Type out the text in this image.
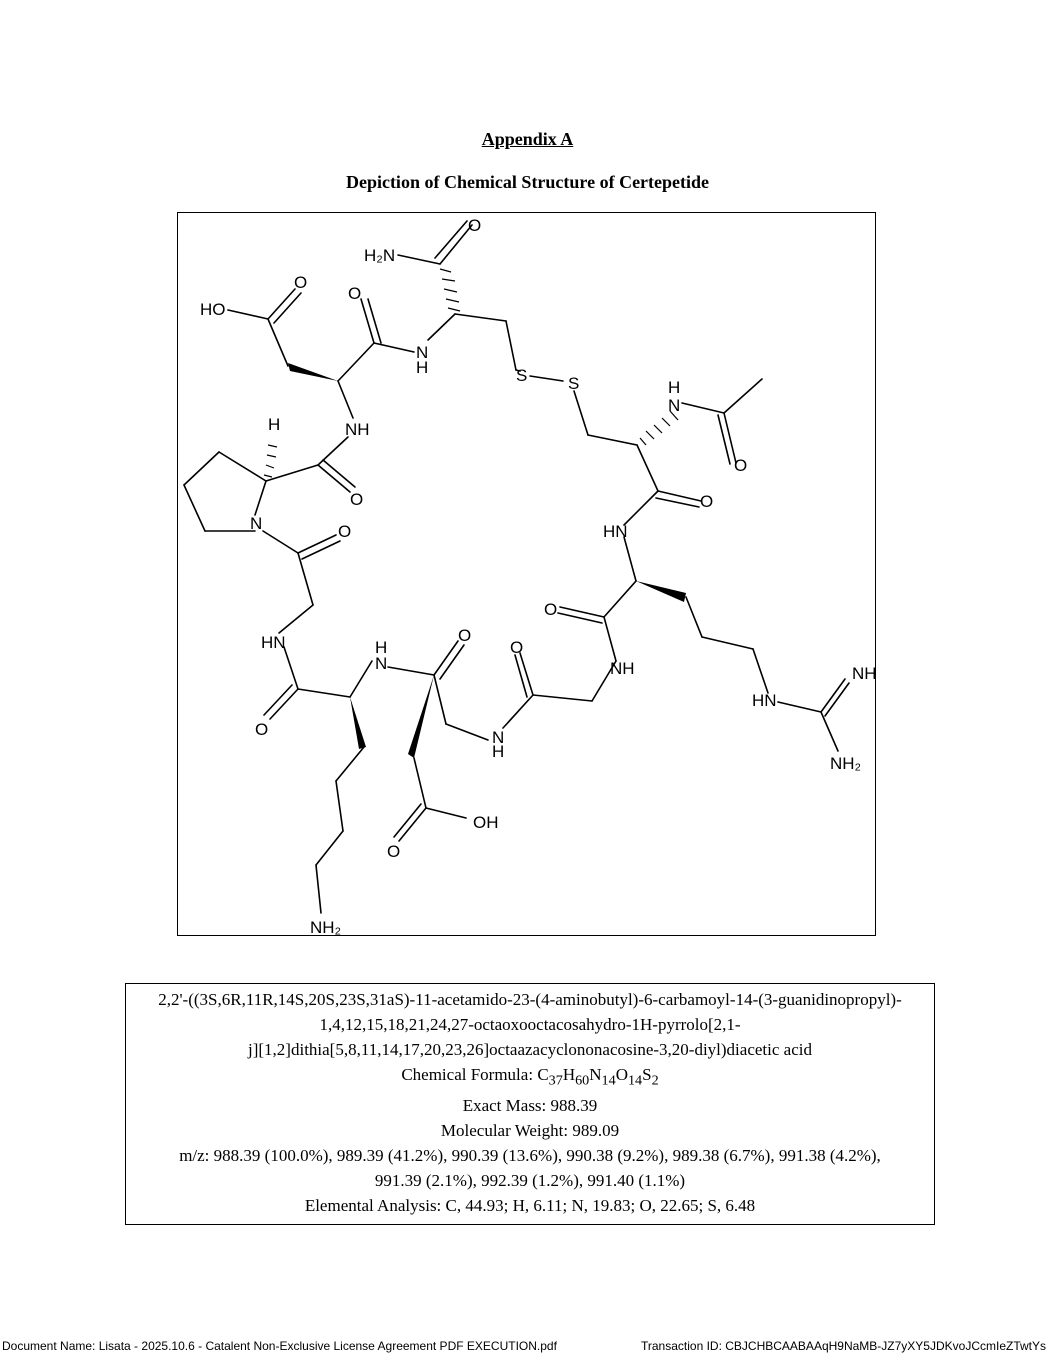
Appendix A
Depiction of Chemical Structure of Certepetide
O
H₂N
O
HO
O
N
H	S S	H
N
O
H	NH
O
N	O	HN
O
O
O
NH
H
N
O
O
HN
NH
N
H
HN
NH₂
O
OH
NH₂
2,2'-((3S,6R,11R,14S,20S,23S,31aS)-11-acetamido-23-(4-aminobutyl)-6-carbamoyl-14-(3-guanidinopropyl)-
1,4,12,15,18,21,24,27-octaoxooctacosahydro-1H-pyrrolo[2,1-
j][1,2]dithia[5,8,11,14,17,20,23,26]octaazacyclononacosine-3,20-diyl)diacetic acid
Chemical Formula: $C_{37}H_{60}N_{14}O_{14}S_2$
Exact Mass: 988.39
Molecular Weight: 989.09
m/z: 988.39 (100.0%), 989.39 (41.2%), 990.39 (13.6%), 990.38 (9.2%), 989.38 (6.7%), 991.38 (4.2%),
991.39 (2.1%), 992.39 (1.2%), 991.40 (1.1%)
Elemental Analysis: C, 44.93; H, 6.11; N, 19.83; O, 22.65; S, 6.48
Document Name: Lisata - 2025.10.6 - Catalent Non-Exclusive License Agreement PDF EXECUTION.pdf	Transaction ID: CBJCHBCAABAAqH9NaMB-JZ7yXY5JDKvoJCcmIeZTwtYs
